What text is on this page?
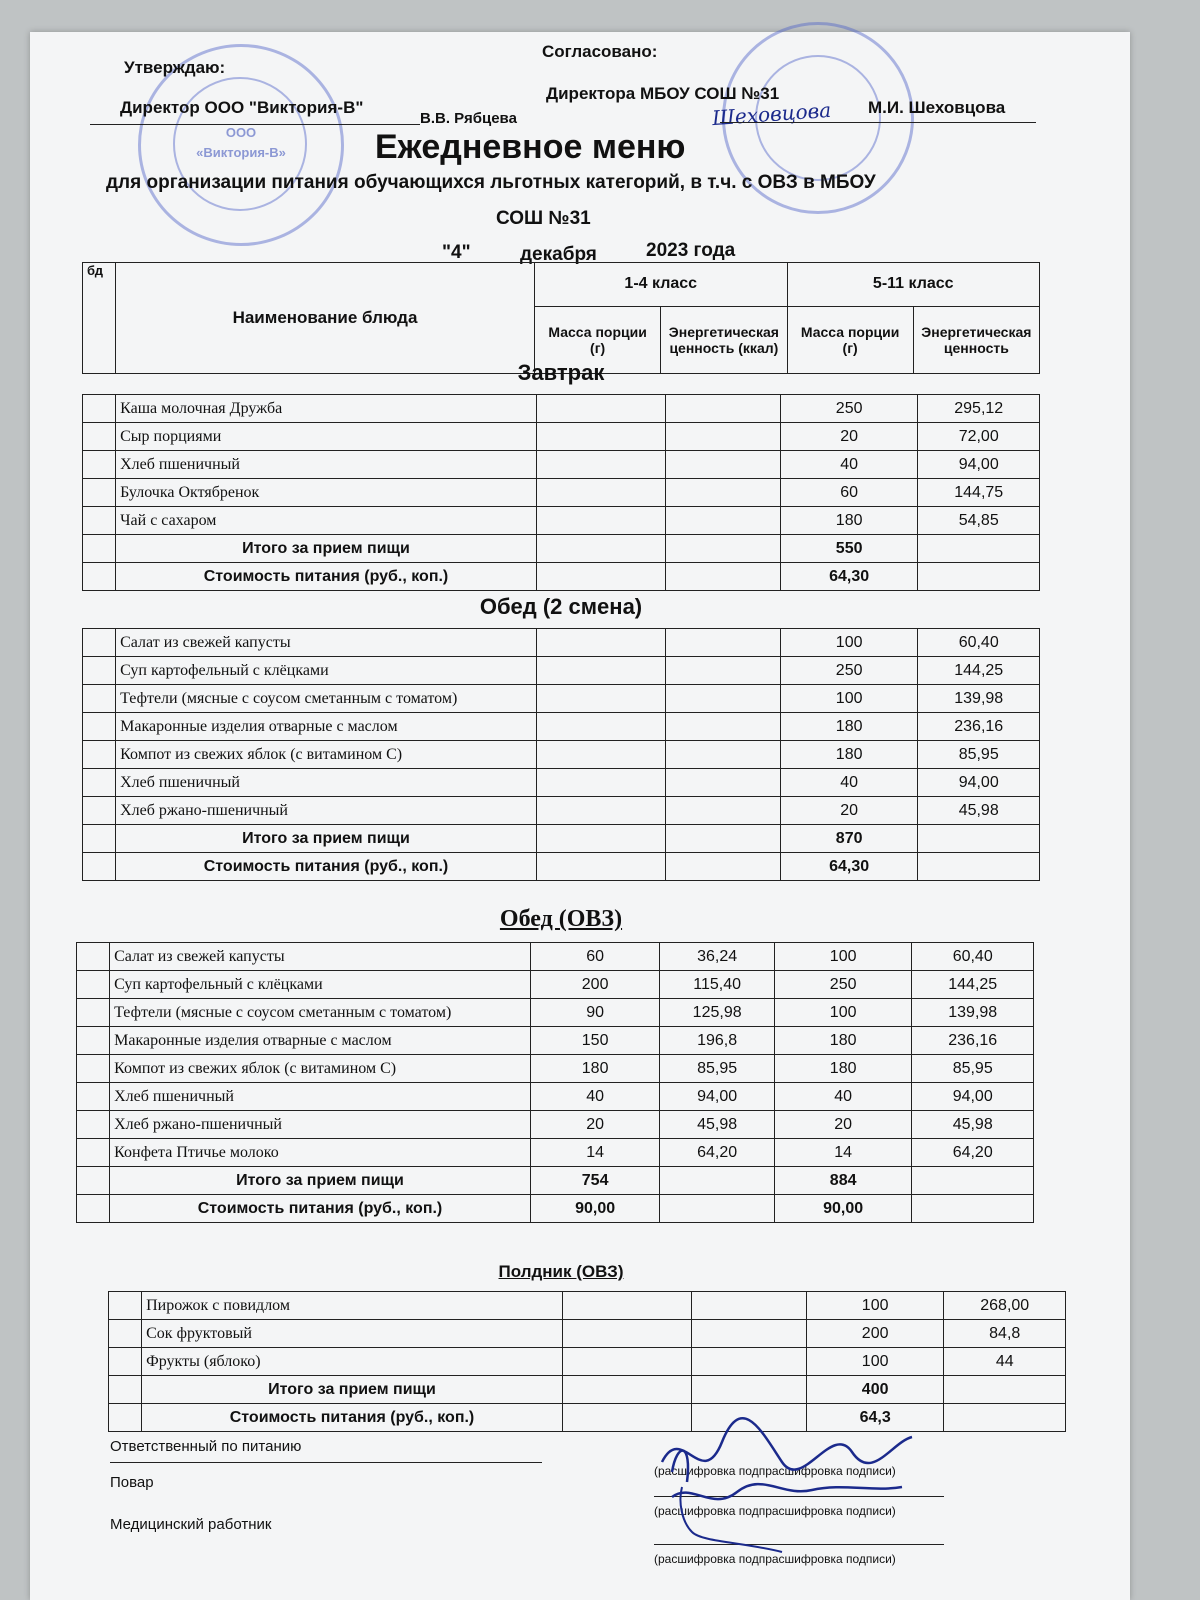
ООО
«Виктория-В»
Шеховцова
Утверждаю:
Директор ООО "Виктория-В"
В.В. Рябцева
Согласовано:
Директора МБОУ СОШ №31
М.И. Шеховцова
Ежедневное меню
для организации питания обучающихся льготных категорий, в т.ч. с ОВЗ в МБОУ
СОШ №31
"4"	декабря	2023 года
бд	Наименование блюда	1-4 класс		5-11 класс	
		Масса порции (г)	Энергетическая ценность (ккал)	Масса порции (г)	Энергетическая ценность
Завтрак
	Каша молочная Дружба			250	295,12
	Сыр порциями			20	72,00
	Хлеб пшеничный			40	94,00
	Булочка Октябренок			60	144,75
	Чай с сахаром			180	54,85
	Итого за прием пищи			550	
	Стоимость питания (руб., коп.)			64,30	
Обед (2 смена)
	Салат из свежей капусты			100	60,40
	Суп картофельный с клёцками			250	144,25
	Тефтели (мясные с соусом сметанным с томатом)			100	139,98
	Макаронные изделия отварные с маслом			180	236,16
	Компот из свежих яблок (с витамином С)			180	85,95
	Хлеб пшеничный			40	94,00
	Хлеб ржано-пшеничный			20	45,98
	Итого за прием пищи			870	
	Стоимость питания (руб., коп.)			64,30	
Обед (ОВЗ)
	Салат из свежей капусты	60	36,24	100	60,40
	Суп картофельный с клёцками	200	115,40	250	144,25
	Тефтели (мясные с соусом сметанным с томатом)	90	125,98	100	139,98
	Макаронные изделия отварные с маслом	150	196,8	180	236,16
	Компот из свежих яблок (с витамином С)	180	85,95	180	85,95
	Хлеб пшеничный	40	94,00	40	94,00
	Хлеб ржано-пшеничный	20	45,98	20	45,98
	Конфета Птичье молоко	14	64,20	14	64,20
	Итого за прием пищи	754		884	
	Стоимость питания (руб., коп.)	90,00		90,00	
Полдник (ОВЗ)
	Пирожок с повидлом			100	268,00
	Сок фруктовый			200	84,8
	Фрукты (яблоко)			100	44
	Итого за прием пищи			400	
	Стоимость питания (руб., коп.)			64,3	
Ответственный по питанию
Повар
Медицинский работник
(расшифровка подпрасшифровка подписи)
(расшифровка подпрасшифровка подписи)
(расшифровка подпрасшифровка подписи)
